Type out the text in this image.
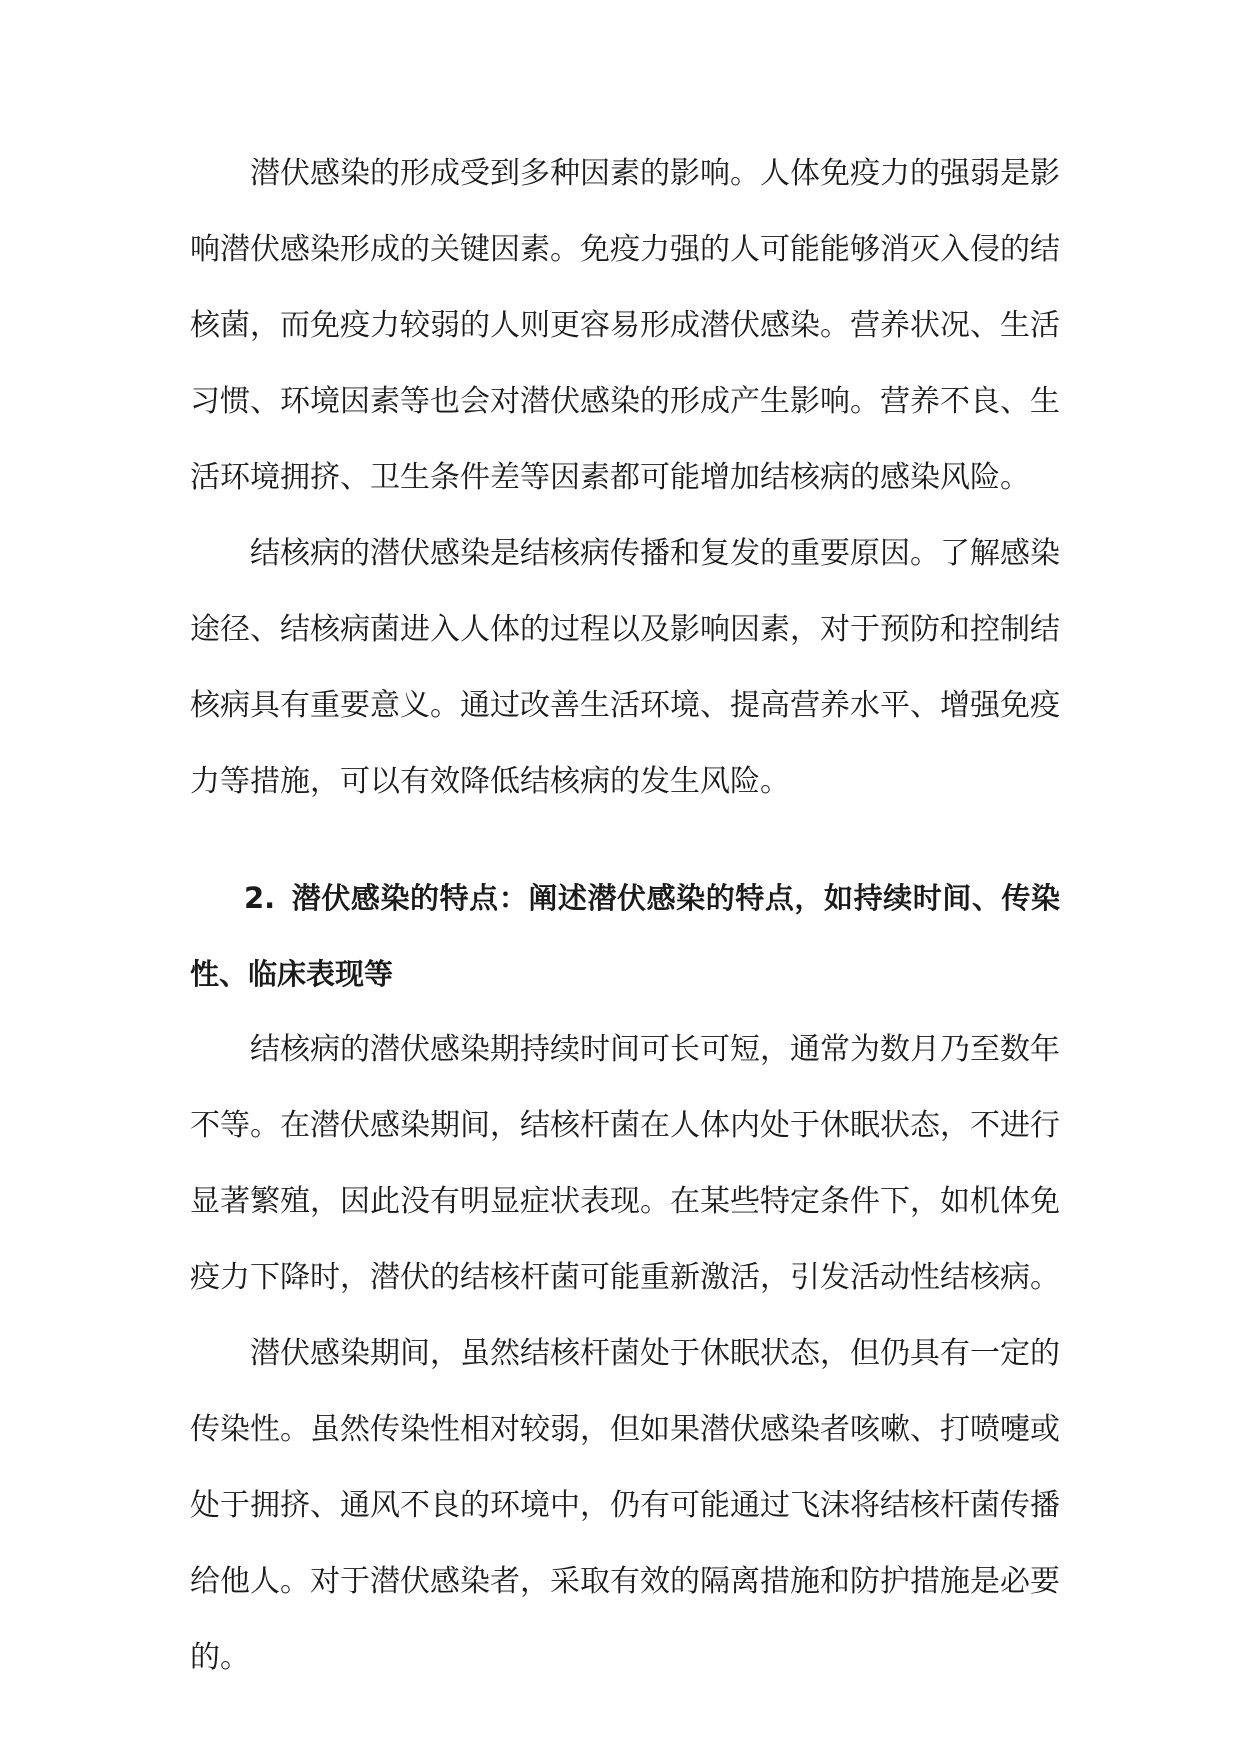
潜伏感染的形成受到多种因素的影响。人体免疫力的强弱是影响潜伏感染形成的关键因素。免疫力强的人可能能够消灭入侵的结核菌，而免疫力较弱的人则更容易形成潜伏感染。营养状况、生活习惯、环境因素等也会对潜伏感染的形成产生影响。营养不良、生活环境拥挤、卫生条件差等因素都可能增加结核病的感染风险。

结核病的潜伏感染是结核病传播和复发的重要原因。了解感染途径、结核病菌进入人体的过程以及影响因素，对于预防和控制结核病具有重要意义。通过改善生活环境、提高营养水平、增强免疫力等措施，可以有效降低结核病的发生风险。

2. 潜伏感染的特点：阐述潜伏感染的特点，如持续时间、传染性、临床表现等

结核病的潜伏感染期持续时间可长可短，通常为数月乃至数年不等。在潜伏感染期间，结核杆菌在人体内处于休眠状态，不进行显著繁殖，因此没有明显症状表现。在某些特定条件下，如机体免疫力下降时，潜伏的结核杆菌可能重新激活，引发活动性结核病。

潜伏感染期间，虽然结核杆菌处于休眠状态，但仍具有一定的传染性。虽然传染性相对较弱，但如果潜伏感染者咳嗽、打喷嚏或处于拥挤、通风不良的环境中，仍有可能通过飞沫将结核杆菌传播给他人。对于潜伏感染者，采取有效的隔离措施和防护措施是必要的。
